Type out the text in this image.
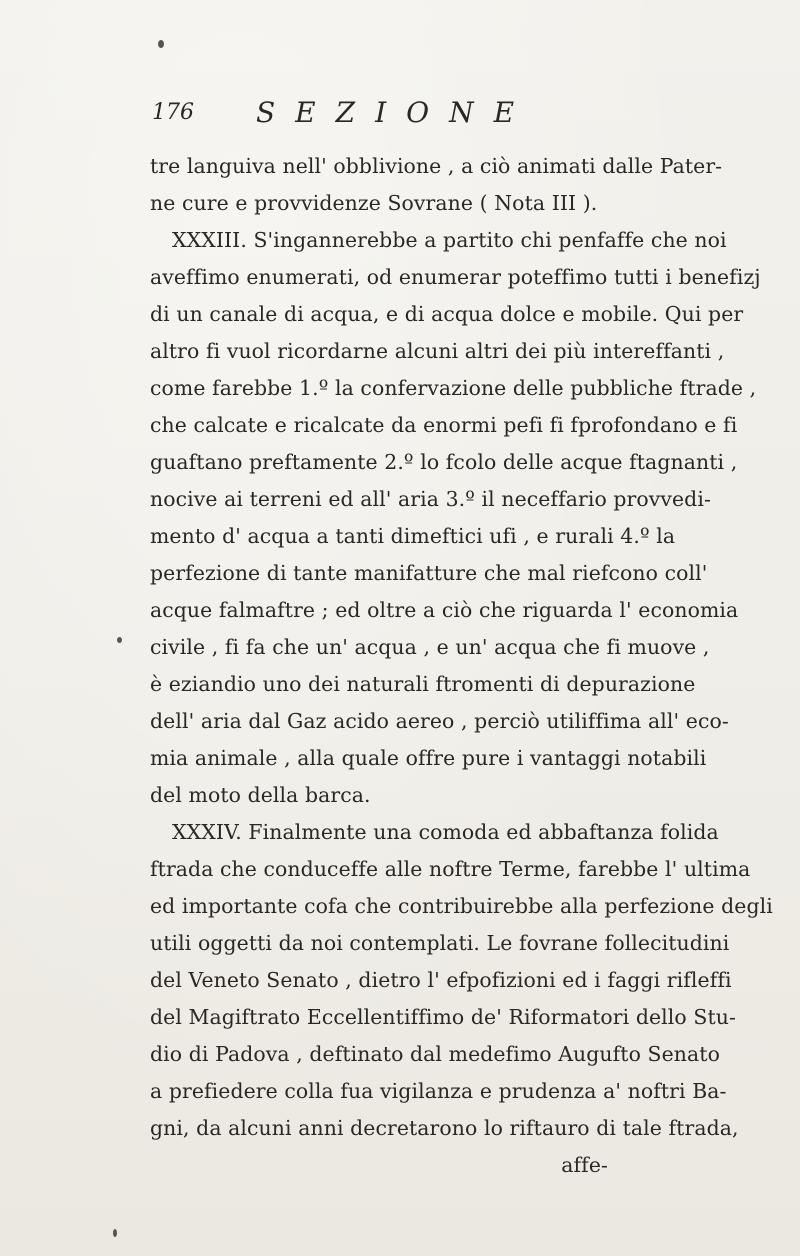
176 SEZIONE
tre languiva nell' obblivione , a ciò animati dalle Pater-
ne cure e provvidenze Sovrane ( Nota III ).
XXXIII. S'ingannerebbe a partito chi penfaffe che noi
aveffimo enumerati, od enumerar poteffimo tutti i benefizj
di un canale di acqua, e di acqua dolce e mobile. Qui per
altro fi vuol ricordarne alcuni altri dei più intereffanti ,
come farebbe 1.º la confervazione delle pubbliche ftrade ,
che calcate e ricalcate da enormi pefi fi fprofondano e fi
guaftano preftamente 2.º lo fcolo delle acque ftagnanti ,
nocive ai terreni ed all' aria 3.º il neceffario provvedi-
mento d' acqua a tanti dimeftici ufi , e rurali 4.º la
perfezione di tante manifatture che mal riefcono coll'
acque falmaftre ; ed oltre a ciò che riguarda l' economia
civile , fi fa che un' acqua , e un' acqua che fi muove ,
è eziandio uno dei naturali ftromenti di depurazione
dell' aria dal Gaz acido aereo , perciò utiliffima all' eco-
mia animale , alla quale offre pure i vantaggi notabili
del moto della barca.
XXXIV. Finalmente una comoda ed abbaftanza folida
ftrada che conduceffe alle noftre Terme, farebbe l' ultima
ed importante cofa che contribuirebbe alla perfezione degli
utili oggetti da noi contemplati. Le fovrane follecitudini
del Veneto Senato , dietro l' efpofizioni ed i faggi rifleffi
del Magiftrato Eccellentiffimo de' Riformatori dello Stu-
dio di Padova , deftinato dal medefimo Augufto Senato
a prefiedere colla fua vigilanza e prudenza a' noftri Ba-
gni, da alcuni anni decretarono lo riftauro di tale ftrada,
affe-
